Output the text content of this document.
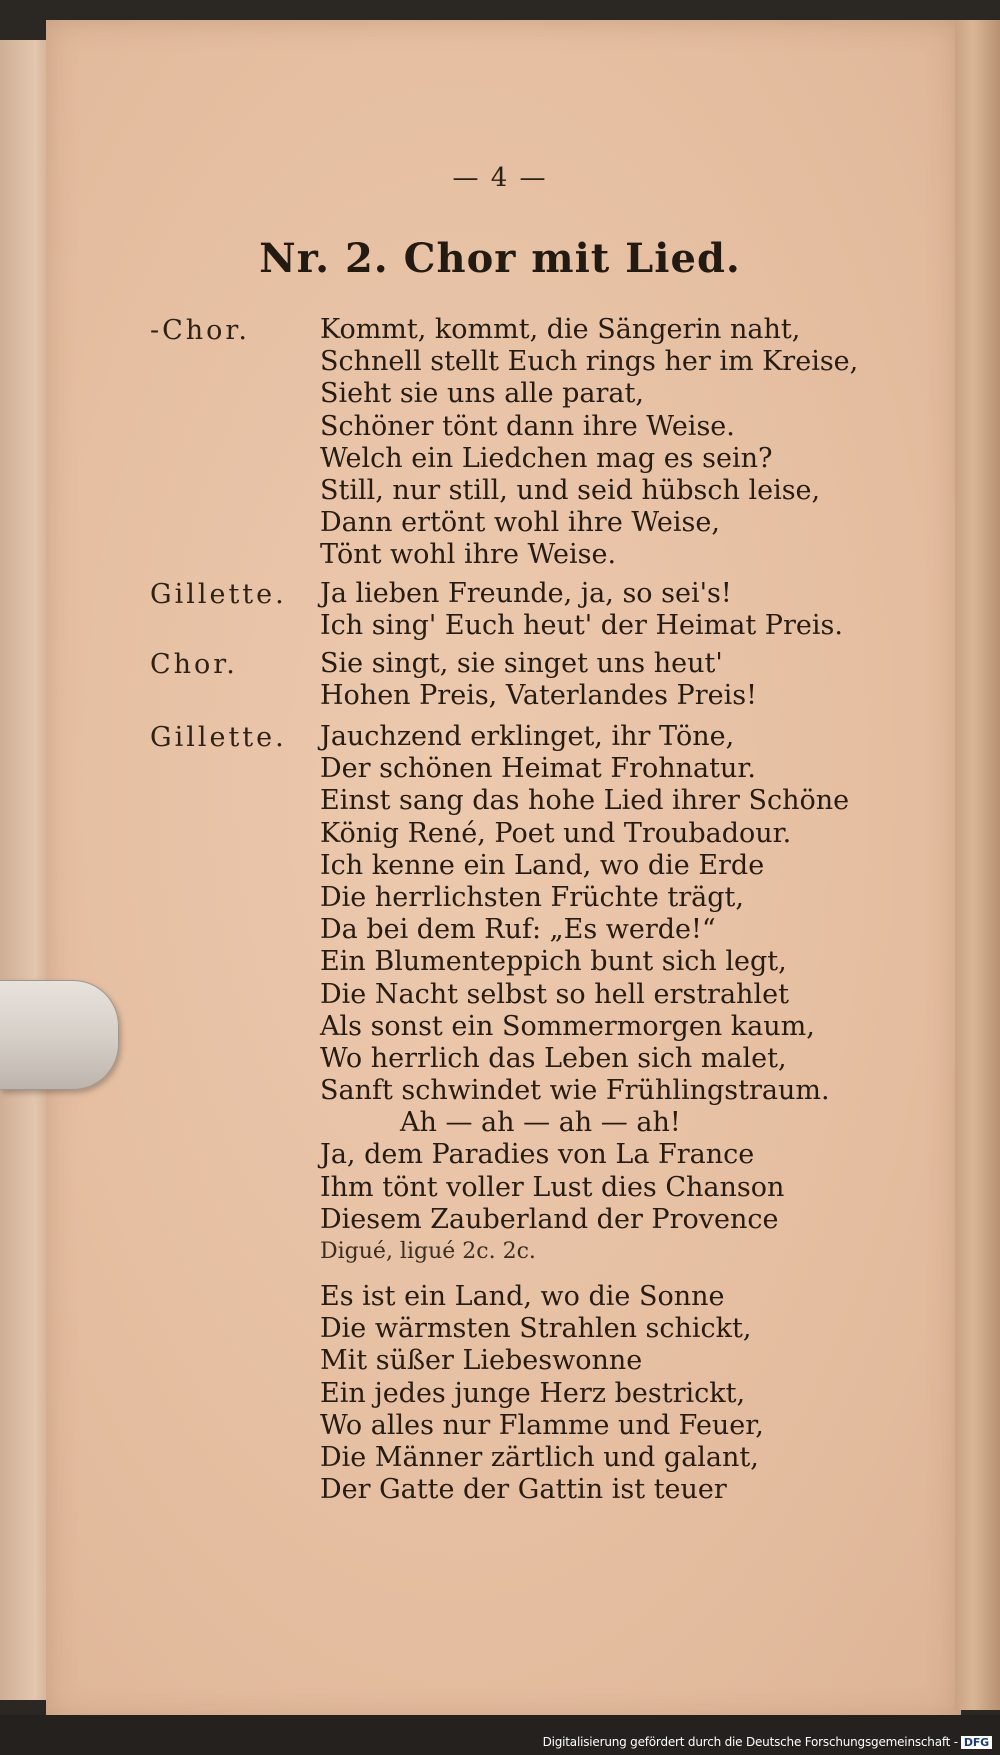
— 4 —
Nr. 2. Chor mit Lied.
-Chor.	Kommt, kommt, die Sängerin naht,
Schnell stellt Euch rings her im Kreise,
Sieht sie uns alle parat,
Schöner tönt dann ihre Weise.
Welch ein Liedchen mag es sein?
Still, nur still, und seid hübsch leise,
Dann ertönt wohl ihre Weise,
Tönt wohl ihre Weise.
Gillette. Ja lieben Freunde, ja, so sei's!
Ich sing' Euch heut' der Heimat Preis.
Chor.	Sie singt, sie singet uns heut'
Hohen Preis, Vaterlandes Preis!
Gillette. Jauchzend erklinget, ihr Töne,
Der schönen Heimat Frohnatur.
Einst sang das hohe Lied ihrer Schöne
König René, Poet und Troubadour.
Ich kenne ein Land, wo die Erde
Die herrlichsten Früchte trägt,
Da bei dem Ruf: „Es werde!“
Ein Blumenteppich bunt sich legt,
Die Nacht selbst so hell erstrahlet
Als sonst ein Sommermorgen kaum,
Wo herrlich das Leben sich malet,
Sanft schwindet wie Frühlingstraum.
Ah — ah — ah — ah!
Ja, dem Paradies von La France
Ihm tönt voller Lust dies Chanson
Diesem Zauberland der Provence
Digué, ligué 2c. 2c.
Es ist ein Land, wo die Sonne
Die wärmsten Strahlen schickt,
Mit süßer Liebeswonne
Ein jedes junge Herz bestrickt,
Wo alles nur Flamme und Feuer,
Die Männer zärtlich und galant,
Der Gatte der Gattin ist teuer
Digitalisierung gefördert durch die Deutsche Forschungsgemeinschaft - DFG
